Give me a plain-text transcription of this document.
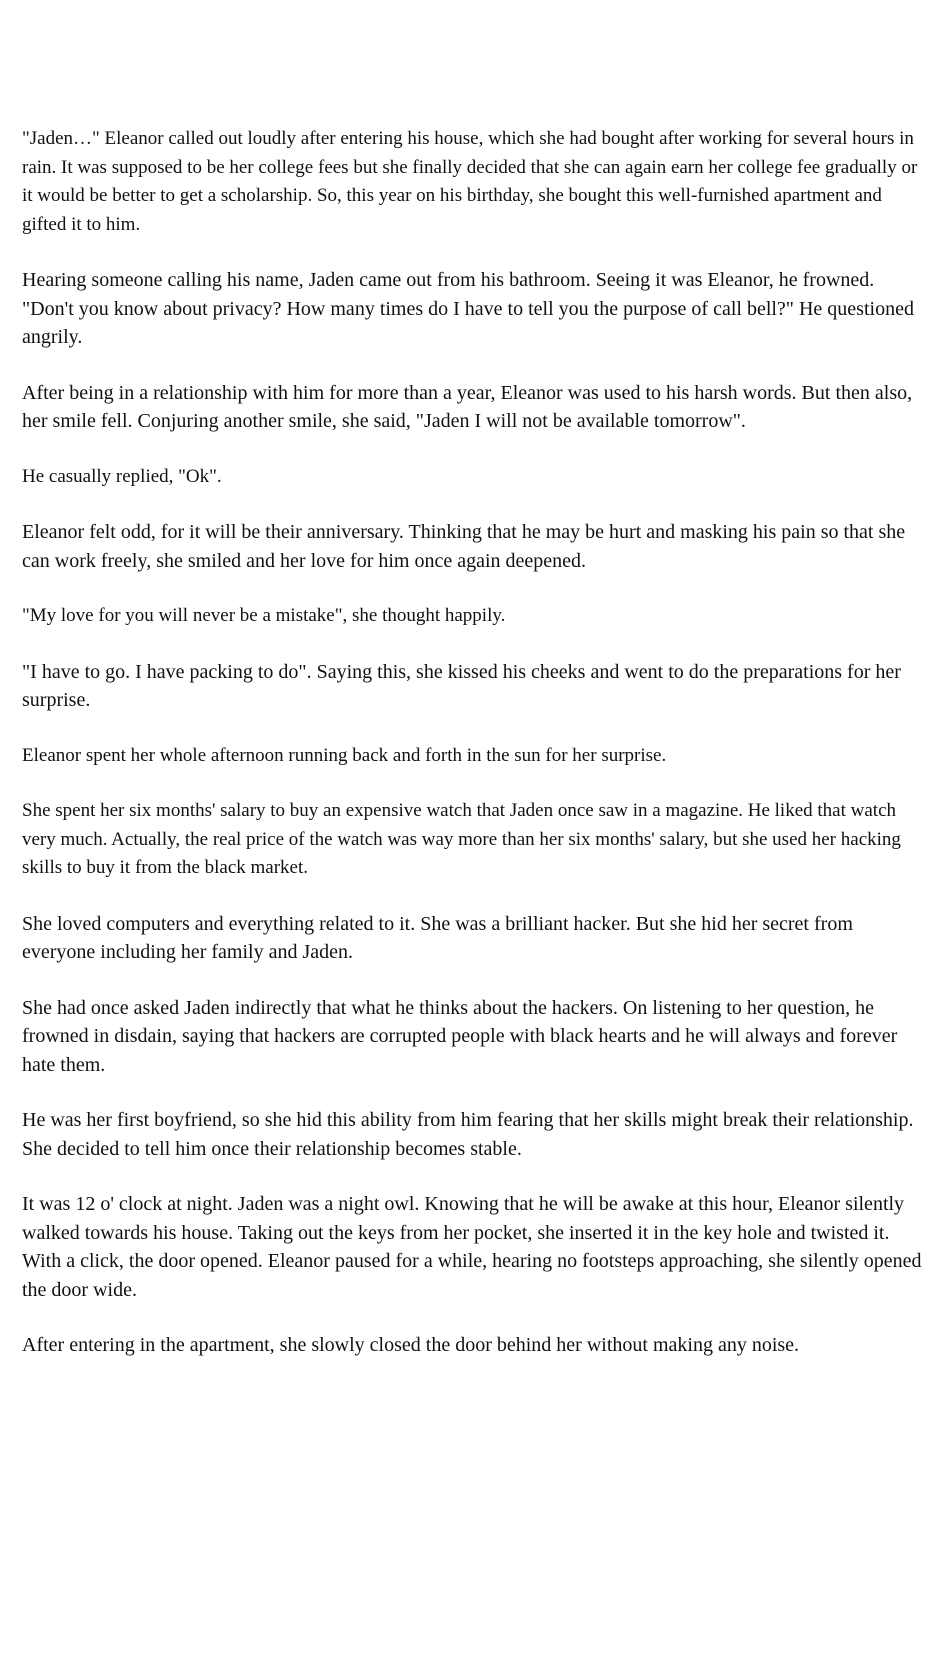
"Jaden…" Eleanor called out loudly after entering his house, which she had bought after working for several hours in rain. It was supposed to be her college fees but she finally decided that she can again earn her college fee gradually or it would be better to get a scholarship. So, this year on his birthday, she bought this well-furnished apartment and gifted it to him.

Hearing someone calling his name, Jaden came out from his bathroom. Seeing it was Eleanor, he frowned. "Don't you know about privacy? How many times do I have to tell you the purpose of call bell?" He questioned angrily.

After being in a relationship with him for more than a year, Eleanor was used to his harsh words. But then also, her smile fell. Conjuring another smile, she said, "Jaden I will not be available tomorrow".

He casually replied, "Ok".

Eleanor felt odd, for it will be their anniversary. Thinking that he may be hurt and masking his pain so that she can work freely, she smiled and her love for him once again deepened.

"My love for you will never be a mistake", she thought happily.

"I have to go. I have packing to do". Saying this, she kissed his cheeks and went to do the preparations for her surprise.

Eleanor spent her whole afternoon running back and forth in the sun for her surprise.

She spent her six months' salary to buy an expensive watch that Jaden once saw in a magazine. He liked that watch very much. Actually, the real price of the watch was way more than her six months' salary, but she used her hacking skills to buy it from the black market.

She loved computers and everything related to it. She was a brilliant hacker. But she hid her secret from everyone including her family and Jaden.

She had once asked Jaden indirectly that what he thinks about the hackers. On listening to her question, he frowned in disdain, saying that hackers are corrupted people with black hearts and he will always and forever hate them.

He was her first boyfriend, so she hid this ability from him fearing that her skills might break their relationship. She decided to tell him once their relationship becomes stable.

It was 12 o' clock at night. Jaden was a night owl. Knowing that he will be awake at this hour, Eleanor silently walked towards his house. Taking out the keys from her pocket, she inserted it in the key hole and twisted it. With a click, the door opened. Eleanor paused for a while, hearing no footsteps approaching, she silently opened the door wide.

After entering in the apartment, she slowly closed the door behind her without making any noise.
